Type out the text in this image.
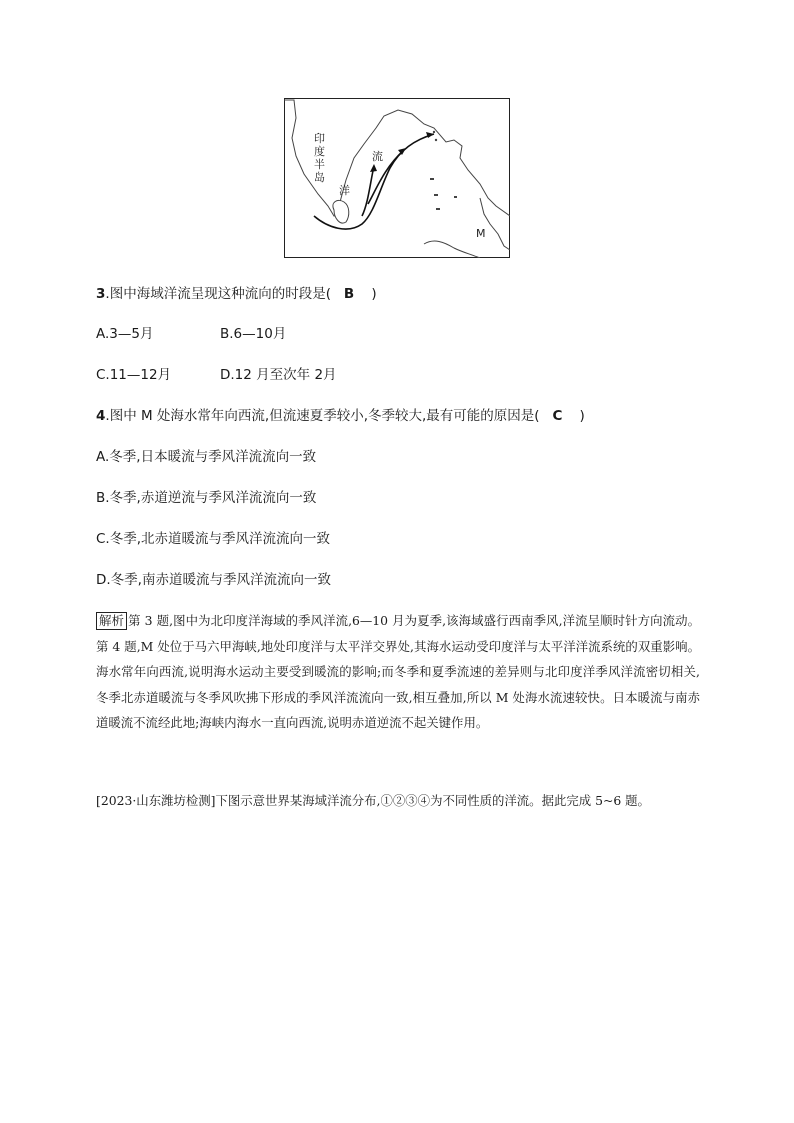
印
度
半
岛
洋
流
M
3.图中海域洋流呈现这种流向的时段是( B )
A.3—5月	B.6—10月
C.11—12月	D.12 月至次年 2月
4.图中 M 处海水常年向西流,但流速夏季较小,冬季较大,最有可能的原因是( C )
A.冬季,日本暖流与季风洋流流向一致
B.冬季,赤道逆流与季风洋流流向一致
C.冬季,北赤道暖流与季风洋流流向一致
D.冬季,南赤道暖流与季风洋流流向一致
解析 第 3 题,图中为北印度洋海域的季风洋流,6—10 月为夏季,该海域盛行西南季风,洋流呈顺时针方向流动。第 4 题,M 处位于马六甲海峡,地处印度洋与太平洋交界处,其海水运动受印度洋与太平洋洋流系统的双重影响。海水常年向西流,说明海水运动主要受到暖流的影响;而冬季和夏季流速的差异则与北印度洋季风洋流密切相关,冬季北赤道暖流与冬季风吹拂下形成的季风洋流流向一致,相互叠加,所以 M 处海水流速较快。日本暖流与南赤道暖流不流经此地;海峡内海水一直向西流,说明赤道逆流不起关键作用。
[2023·山东潍坊检测]下图示意世界某海域洋流分布,①②③④为不同性质的洋流。据此完成 5~6 题。
